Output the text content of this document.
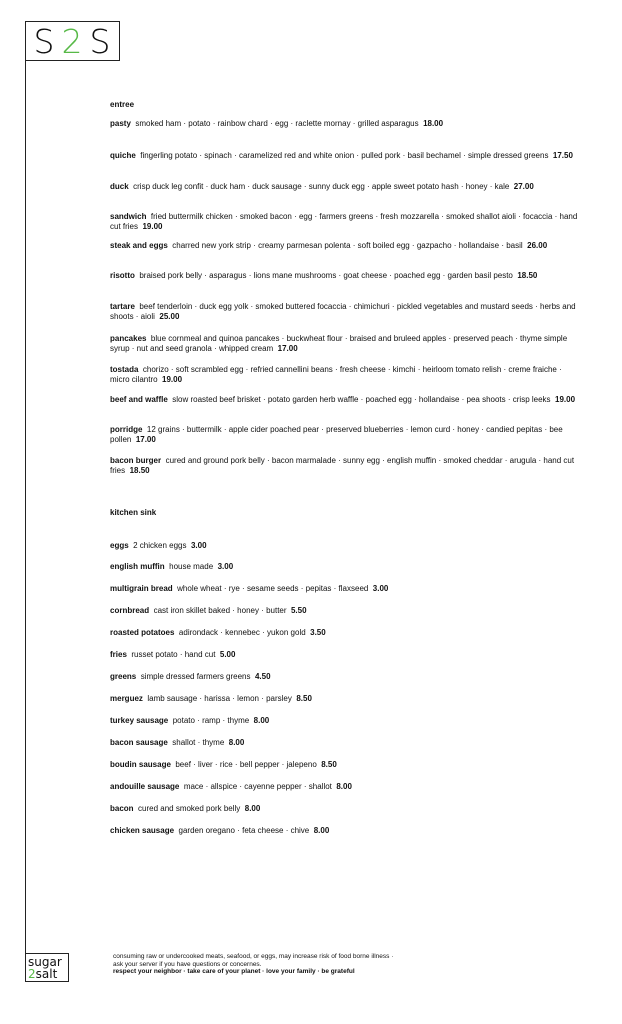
S 2 S
entree
pasty smoked ham · potato · rainbow chard · egg · raclette mornay · grilled asparagus 18.00
quiche fingerling potato · spinach · caramelized red and white onion · pulled pork · basil bechamel · simple dressed greens 17.50
duck crisp duck leg confit · duck ham · duck sausage · sunny duck egg · apple sweet potato hash · honey · kale 27.00
sandwich fried buttermilk chicken · smoked bacon · egg · farmers greens · fresh mozzarella · smoked shallot aioli · focaccia · hand cut fries 19.00
steak and eggs charred new york strip · creamy parmesan polenta · soft boiled egg · gazpacho · hollandaise · basil 26.00
risotto braised pork belly · asparagus · lions mane mushrooms · goat cheese · poached egg · garden basil pesto 18.50
tartare beef tenderloin · duck egg yolk · smoked buttered focaccia · chimichuri · pickled vegetables and mustard seeds · herbs and shoots · aioli 25.00
pancakes blue cornmeal and quinoa pancakes · buckwheat flour · braised and bruleed apples · preserved peach · thyme simple syrup · nut and seed granola · whipped cream 17.00
tostada chorizo · soft scrambled egg · refried cannellini beans · fresh cheese · kimchi · heirloom tomato relish · creme fraiche · micro cilantro 19.00
beef and waffle slow roasted beef brisket · potato garden herb waffle · poached egg · hollandaise · pea shoots · crisp leeks 19.00
porridge 12 grains · buttermilk · apple cider poached pear · preserved blueberries · lemon curd · honey · candied pepitas · bee pollen 17.00
bacon burger cured and ground pork belly · bacon marmalade · sunny egg · english muffin · smoked cheddar · arugula · hand cut fries 18.50
kitchen sink
eggs 2 chicken eggs 3.00
english muffin house made 3.00
multigrain bread whole wheat · rye · sesame seeds · pepitas · flaxseed 3.00
cornbread cast iron skillet baked · honey · butter 5.50
roasted potatoes adirondack · kennebec · yukon gold 3.50
fries russet potato · hand cut 5.00
greens simple dressed farmers greens 4.50
merguez lamb sausage · harissa · lemon · parsley 8.50
turkey sausage potato · ramp · thyme 8.00
bacon sausage shallot · thyme 8.00
boudin sausage beef · liver · rice · bell pepper · jalepeno 8.50
andouille sausage mace · allspice · cayenne pepper · shallot 8.00
bacon cured and smoked pork belly 8.00
chicken sausage garden oregano · feta cheese · chive 8.00
sugar
2salt
consuming raw or undercooked meats, seafood, or eggs, may increase risk of food borne illness ·
ask your server if you have questions or concernes.
respect your neighbor · take care of your planet · love your family · be grateful
